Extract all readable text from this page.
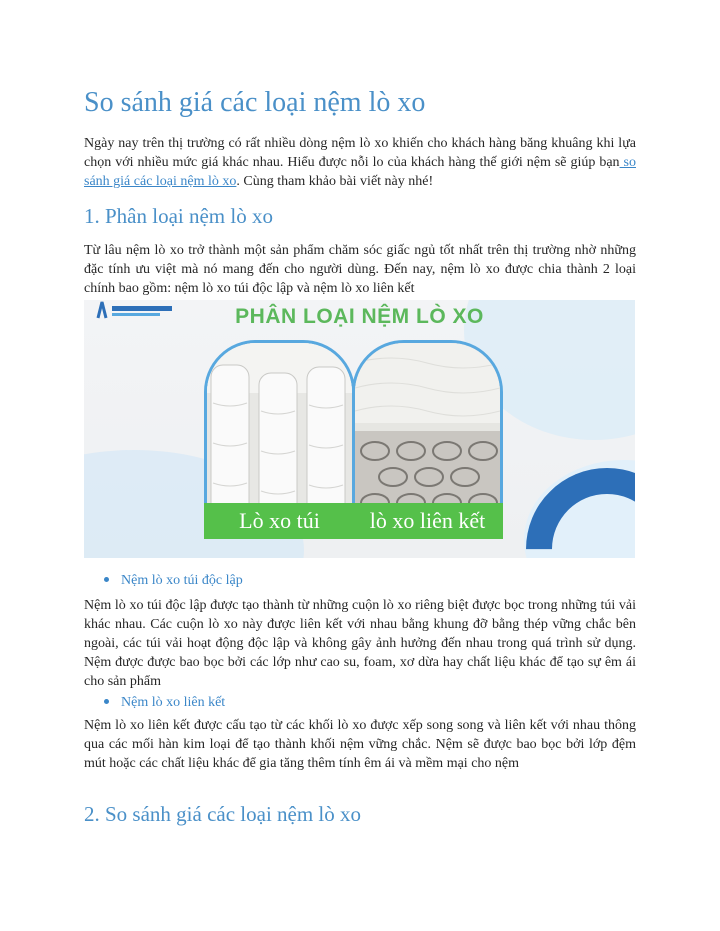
So sánh giá các loại nệm lò xo

Ngày nay trên thị trường có rất nhiều dòng nệm lò xo khiến cho khách hàng băng khuâng khi lựa chọn với nhiều mức giá khác nhau. Hiểu được nỗi lo của khách hàng thế giới nệm sẽ giúp bạn so sánh giá các loại nệm lò xo. Cùng tham khảo bài viết này nhé!

1. Phân loại nệm lò xo

Từ lâu nệm lò xo trở thành một sản phẩm chăm sóc giấc ngủ tốt nhất trên thị trường nhờ những đặc tính ưu việt mà nó mang đến cho người dùng. Đến nay, nệm lò xo được chia thành 2 loại chính bao gồm: nệm lò xo túi độc lập và nệm lò xo liên kết

PHÂN LOẠI NỆM LÒ XO
Lò xo túi	lò xo liên kết

Nệm lò xo túi độc lập

Nệm lò xo túi độc lập được tạo thành từ những cuộn lò xo riêng biệt được bọc trong những túi vải khác nhau. Các cuộn lò xo này được liên kết với nhau bằng khung đỡ bằng thép vững chắc bên ngoài, các túi vải hoạt động độc lập và không gây ảnh hưởng đến nhau trong quá trình sử dụng. Nệm được được bao bọc bởi các lớp như cao su, foam, xơ dừa hay chất liệu khác để tạo sự êm ái cho sản phẩm

Nệm lò xo liên kết

Nệm lò xo liên kết được cấu tạo từ các khối lò xo được xếp song song và liên kết với nhau thông qua các mối hàn kim loại để tạo thành khối nệm vững chắc. Nệm sẽ được bao bọc bởi lớp đệm mút hoặc các chất liệu khác để gia tăng thêm tính êm ái và mềm mại cho nệm

2. So sánh giá các loại nệm lò xo
